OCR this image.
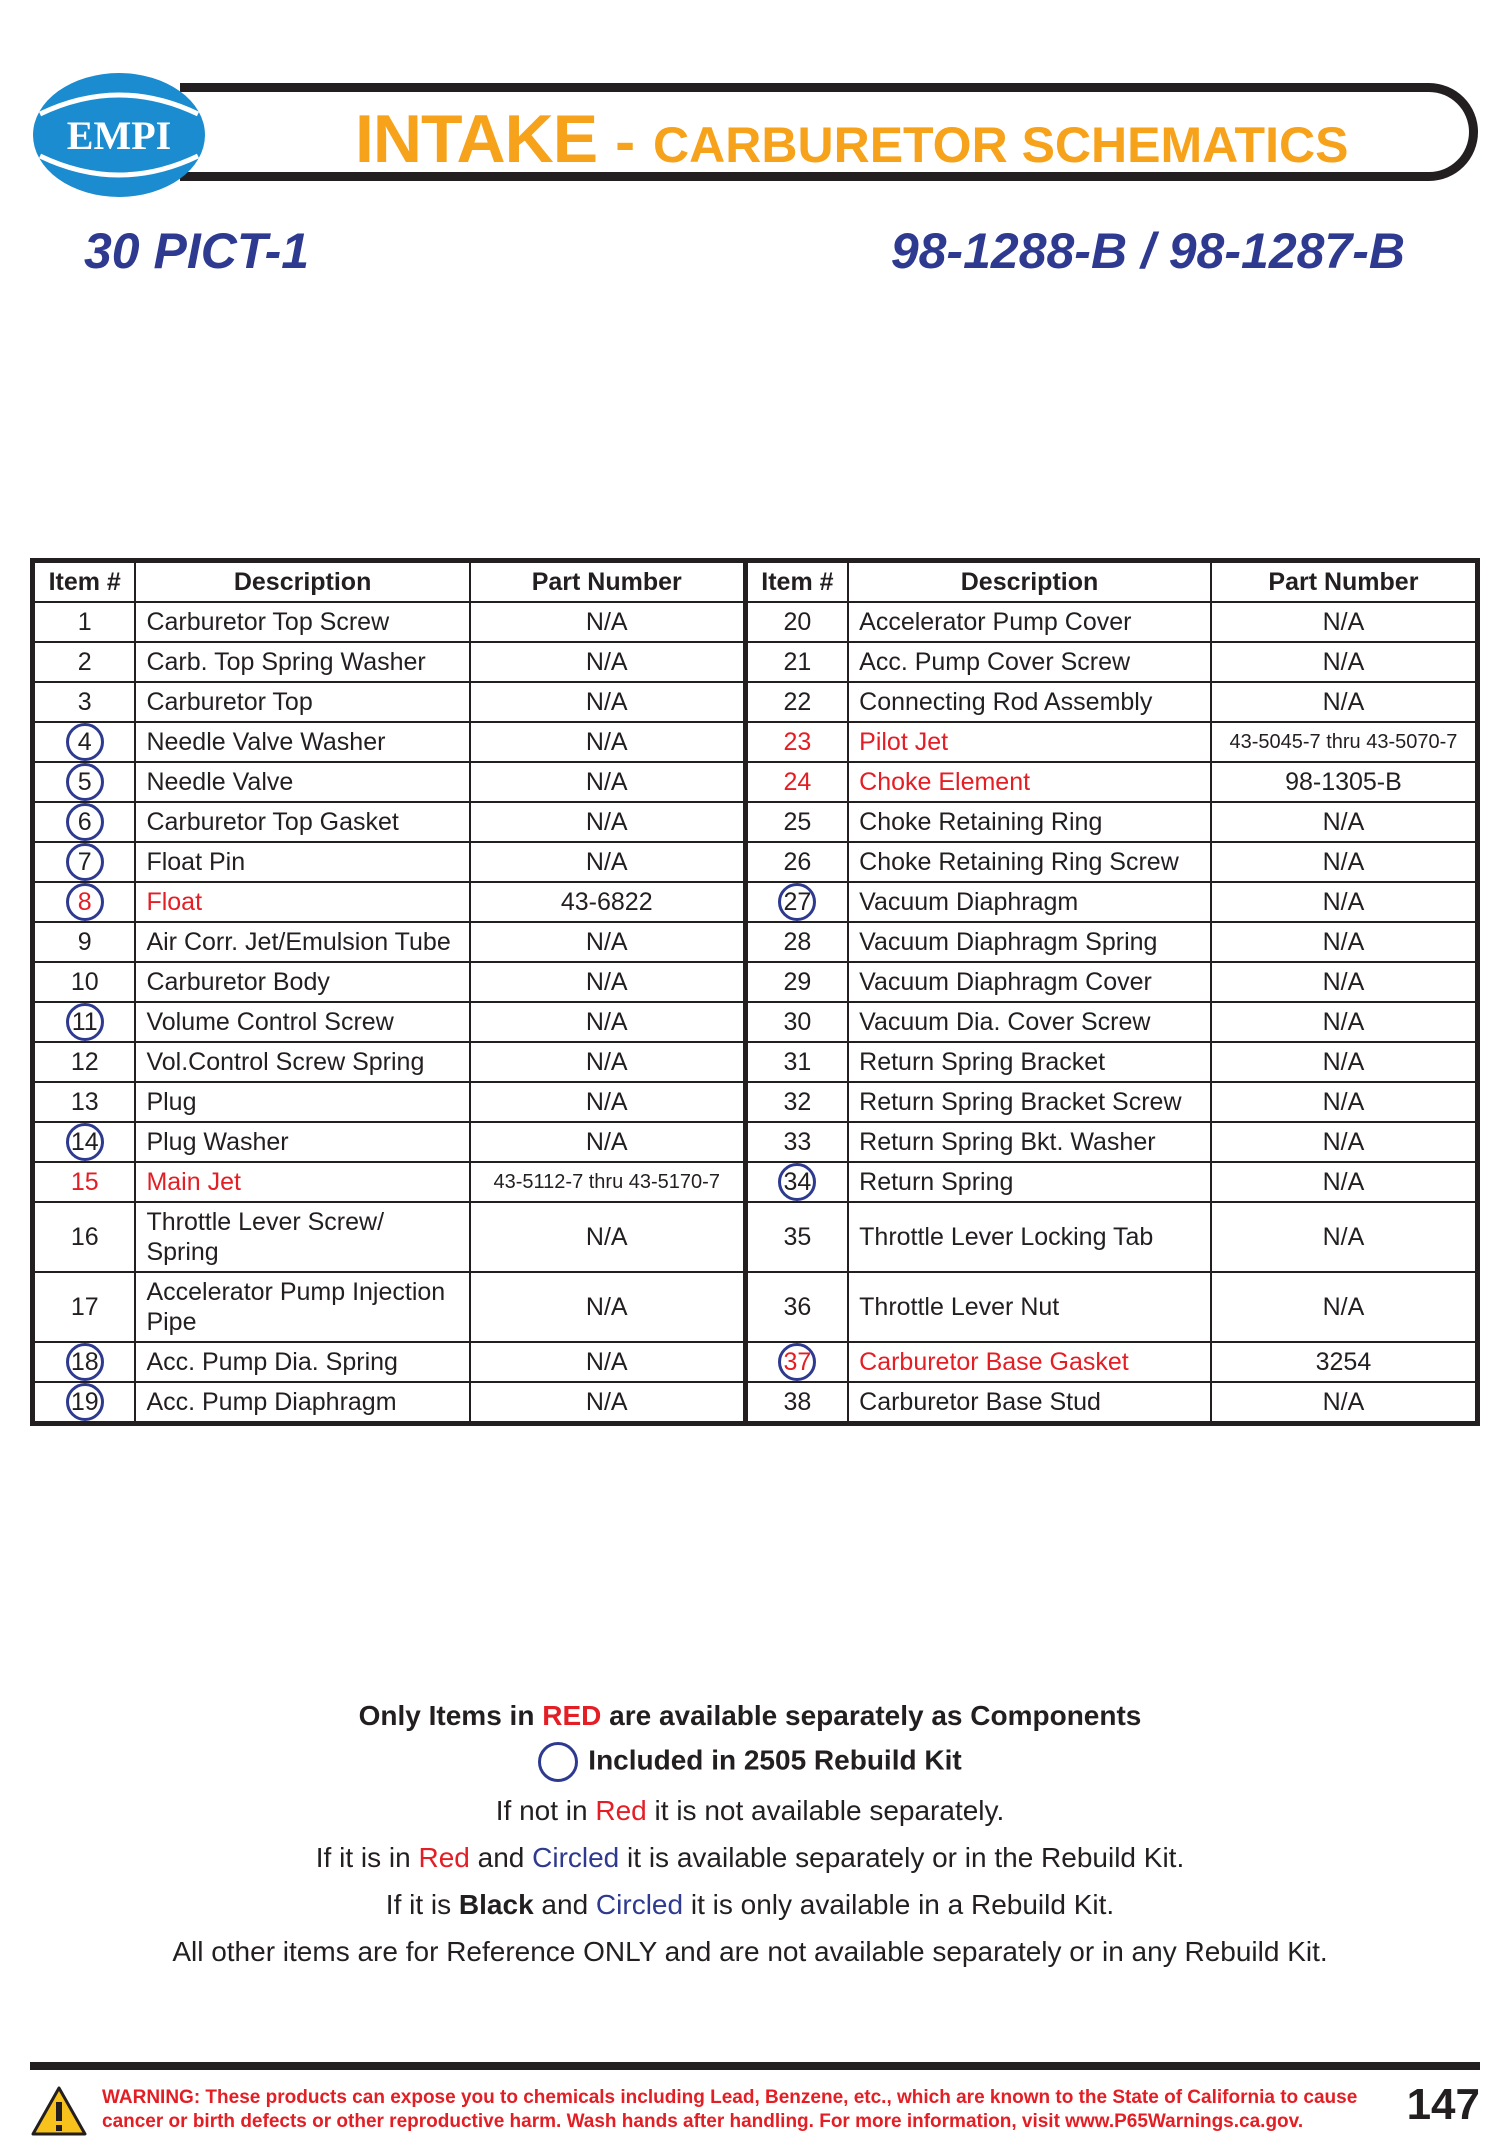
EMPI	INTAKE - CARBURETOR SCHEMATICS
30 PICT-1	98-1288-B / 98-1287-B
Item #	Description	Part Number	Item #	Description	Part Number
1	Carburetor Top Screw	N/A	20	Accelerator Pump Cover	N/A
2	Carb. Top Spring Washer	N/A	21	Acc. Pump Cover Screw	N/A
3	Carburetor Top	N/A	22	Connecting Rod Assembly	N/A
4	Needle Valve Washer	N/A	23	Pilot Jet	43-5045-7 thru 43-5070-7
5	Needle Valve	N/A	24	Choke Element	98-1305-B
6	Carburetor Top Gasket	N/A	25	Choke Retaining Ring	N/A
7	Float Pin	N/A	26	Choke Retaining Ring Screw	N/A
8	Float	43-6822	27	Vacuum Diaphragm	N/A
9	Air Corr. Jet/Emulsion Tube	N/A	28	Vacuum Diaphragm Spring	N/A
10	Carburetor Body	N/A	29	Vacuum Diaphragm Cover	N/A
11	Volume Control Screw	N/A	30	Vacuum Dia. Cover Screw	N/A
12	Vol.Control Screw Spring	N/A	31	Return Spring Bracket	N/A
13	Plug	N/A	32	Return Spring Bracket Screw	N/A
14	Plug Washer	N/A	33	Return Spring Bkt. Washer	N/A
15	Main Jet	43-5112-7 thru 43-5170-7	34	Return Spring	N/A
16	Throttle Lever Screw/ Spring	N/A	35	Throttle Lever Locking Tab	N/A
17	Accelerator Pump Injection Pipe	N/A	36	Throttle Lever Nut	N/A
18	Acc. Pump Dia. Spring	N/A	37	Carburetor Base Gasket	3254
19	Acc. Pump Diaphragm	N/A	38	Carburetor Base Stud	N/A
Only Items in RED are available separately as Components
Included in 2505 Rebuild Kit
If not in Red it is not available separately.
If it is in Red and Circled it is available separately or in the Rebuild Kit.
If it is Black and Circled it is only available in a Rebuild Kit.
All other items are for Reference ONLY and are not available separately or in any Rebuild Kit.
WARNING: These products can expose you to chemicals including Lead, Benzene, etc., which are known to the State of California to cause
cancer or birth defects or other reproductive harm. Wash hands after handling. For more information, visit www.P65Warnings.ca.gov.	147
